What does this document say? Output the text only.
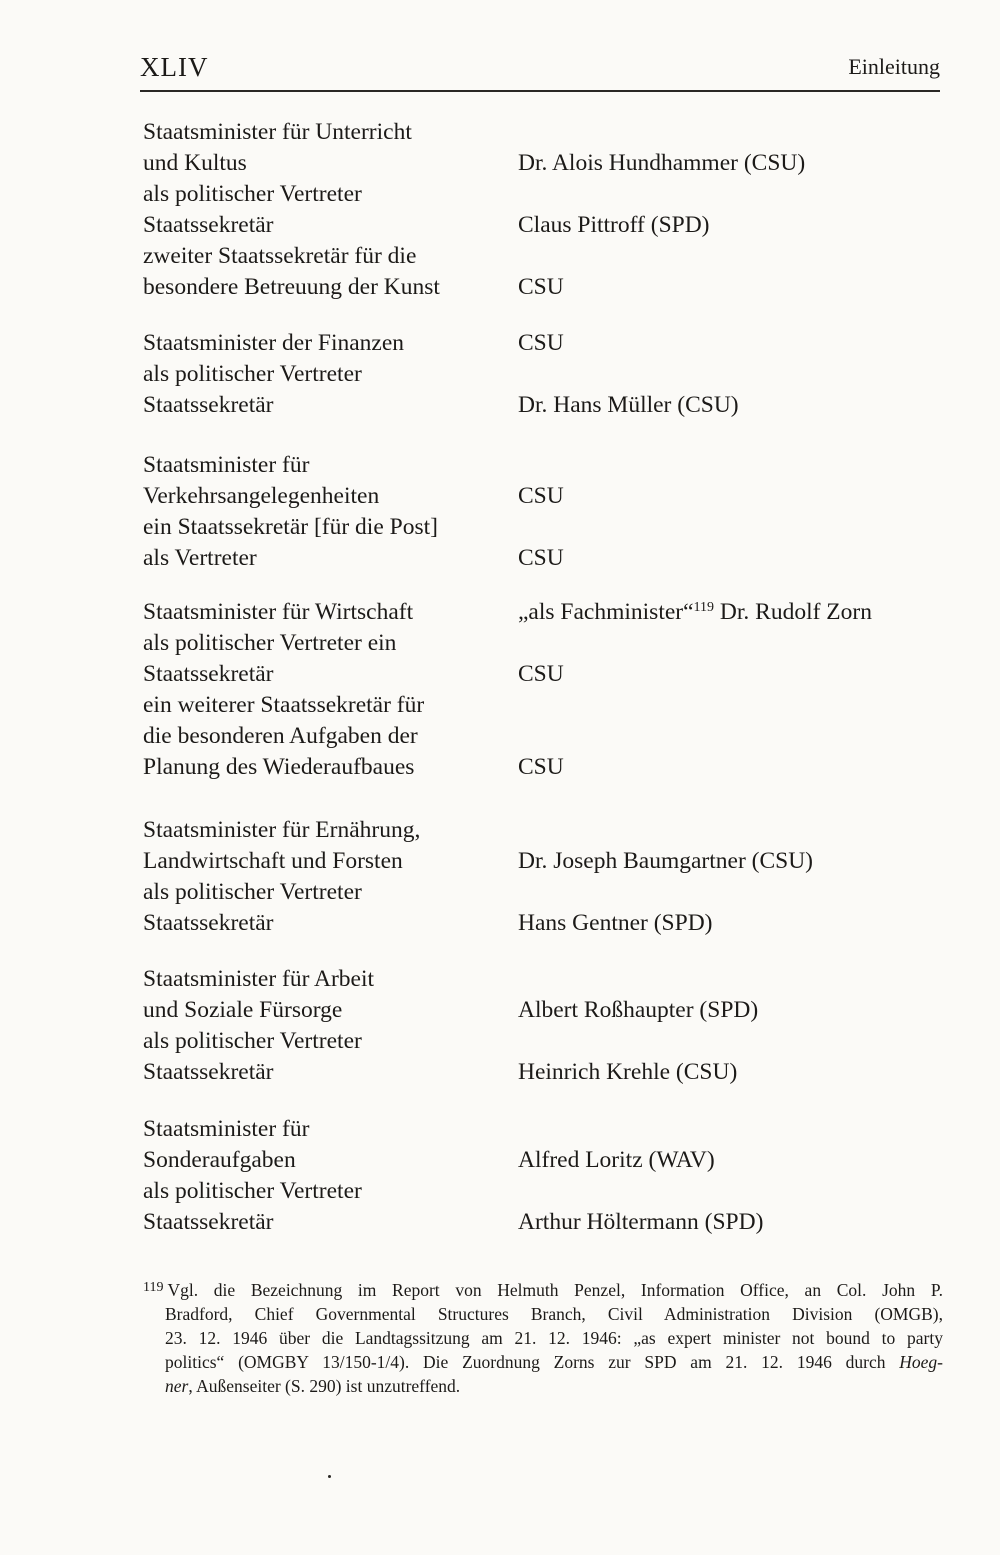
XLIV	Einleitung
Staatsminister für Unterricht
und Kultus	Dr. Alois Hundhammer (CSU)
als politischer Vertreter
Staatssekretär	Claus Pittroff (SPD)
zweiter Staatssekretär für die
besondere Betreuung der Kunst	CSU
Staatsminister der Finanzen	CSU
als politischer Vertreter
Staatssekretär	Dr. Hans Müller (CSU)
Staatsminister für
Verkehrsangelegenheiten	CSU
ein Staatssekretär [für die Post]
als Vertreter	CSU
Staatsminister für Wirtschaft	„als Fachminister“$^{119}$ Dr. Rudolf Zorn
als politischer Vertreter ein
Staatssekretär	CSU
ein weiterer Staatssekretär für
die besonderen Aufgaben der
Planung des Wiederaufbaues	CSU
Staatsminister für Ernährung,
Landwirtschaft und Forsten	Dr. Joseph Baumgartner (CSU)
als politischer Vertreter
Staatssekretär	Hans Gentner (SPD)
Staatsminister für Arbeit
und Soziale Fürsorge	Albert Roßhaupter (SPD)
als politischer Vertreter
Staatssekretär	Heinrich Krehle (CSU)
Staatsminister für
Sonderaufgaben	Alfred Loritz (WAV)
als politischer Vertreter
Staatssekretär	Arthur Höltermann (SPD)
$^{119}$ Vgl. die Bezeichnung im Report von Helmuth Penzel, Information Office, an Col. John P.
Bradford, Chief Governmental Structures Branch, Civil Administration Division (OMGB),
23. 12. 1946 über die Landtagssitzung am 21. 12. 1946: „as expert minister not bound to party
politics“ (OMGBY 13/150-1/4). Die Zuordnung Zorns zur SPD am 21. 12. 1946 durch Hoeg-
ner, Außenseiter (S. 290) ist unzutreffend.
